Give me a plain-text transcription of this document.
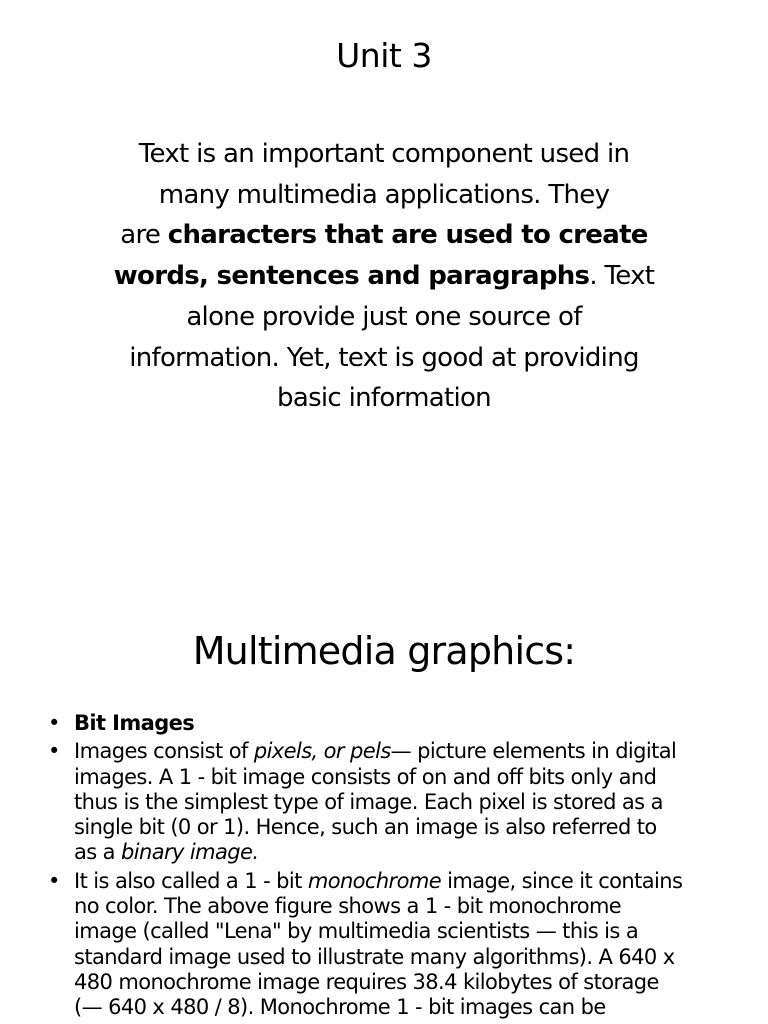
Unit 3
Text is an important component used in
many multimedia applications. They
are characters that are used to create
words, sentences and paragraphs. Text
alone provide just one source of
information. Yet, text is good at providing
basic information
Multimedia graphics:
• Bit Images
• Images consist of pixels, or pels— picture elements in digital
images. A 1 - bit image consists of on and off bits only and
thus is the simplest type of image. Each pixel is stored as a
single bit (0 or 1). Hence, such an image is also referred to
as a binary image.
• It is also called a 1 - bit monochrome image, since it contains
no color. The above figure shows a 1 - bit monochrome
image (called "Lena" by multimedia scientists — this is a
standard image used to illustrate many algorithms). A 640 x
480 monochrome image requires 38.4 kilobytes of storage
(— 640 x 480 / 8). Monochrome 1 - bit images can be
